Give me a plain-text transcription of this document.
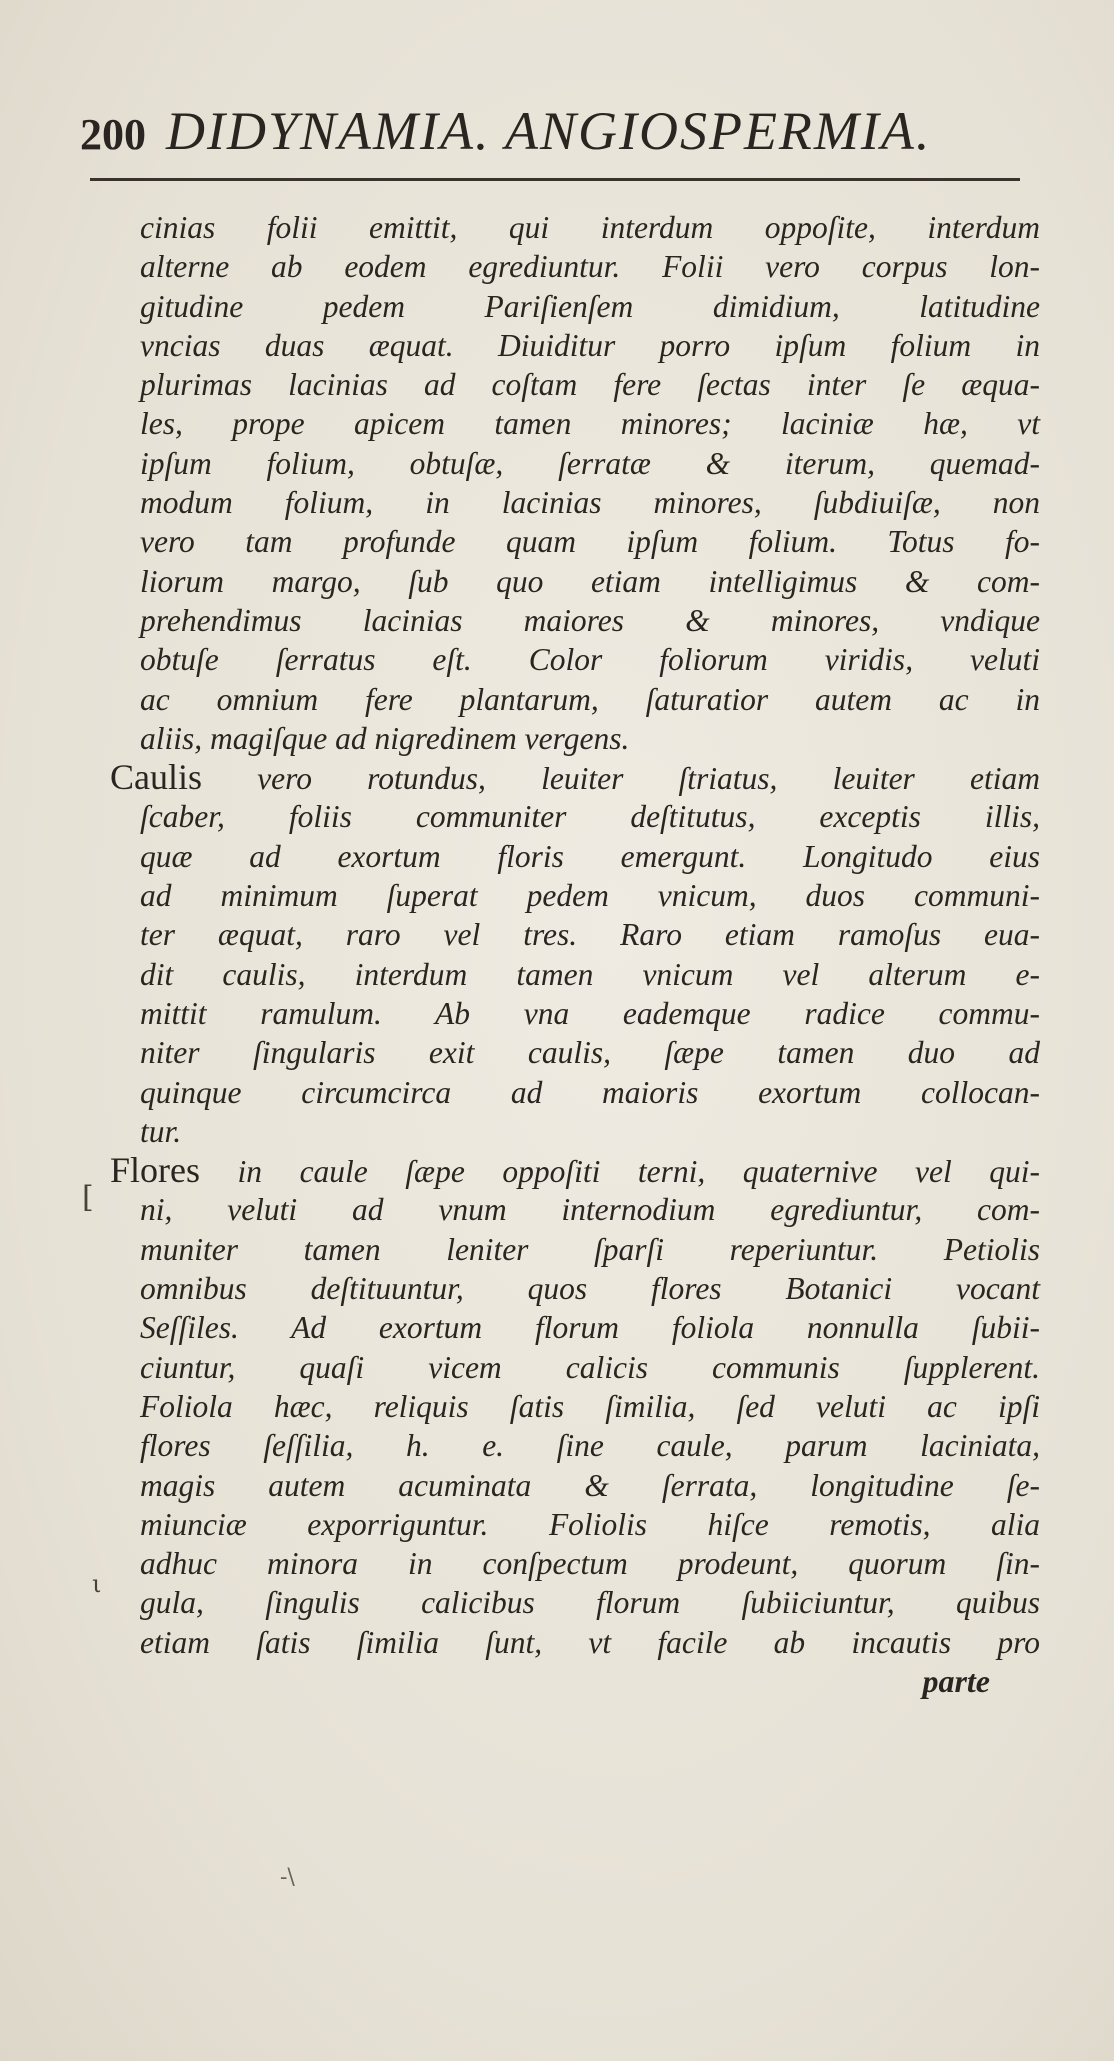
200 DIDYNAMIA. ANGIOSPERMIA.
[
ι
-\
cinias folii emittit, qui interdum oppoſite, interdum
alterne ab eodem egrediuntur. Folii vero corpus lon-
gitudine pedem Pariſienſem dimidium, latitudine
vncias duas æquat. Diuiditur porro ipſum folium in
plurimas lacinias ad coſtam fere ſectas inter ſe æqua-
les, prope apicem tamen minores; laciniæ hæ, vt
ipſum folium, obtuſæ, ſerratæ & iterum, quemad-
modum folium, in lacinias minores, ſubdiuiſæ, non
vero tam profunde quam ipſum folium. Totus fo-
liorum margo, ſub quo etiam intelligimus & com-
prehendimus lacinias maiores & minores, vndique
obtuſe ſerratus eſt. Color foliorum viridis, veluti
ac omnium fere plantarum, ſaturatior autem ac in
aliis, magiſque ad nigredinem vergens.
Caulis vero rotundus, leuiter ſtriatus, leuiter etiam
ſcaber, foliis communiter deſtitutus, exceptis illis,
quæ ad exortum floris emergunt. Longitudo eius
ad minimum ſuperat pedem vnicum, duos communi-
ter æquat, raro vel tres. Raro etiam ramoſus eua-
dit caulis, interdum tamen vnicum vel alterum e-
mittit ramulum. Ab vna eademque radice commu-
niter ſingularis exit caulis, ſæpe tamen duo ad
quinque circumcirca ad maioris exortum collocan-
tur.
Flores in caule ſæpe oppoſiti terni, quaternive vel qui-
ni, veluti ad vnum internodium egrediuntur, com-
muniter tamen leniter ſparſi reperiuntur. Petiolis
omnibus deſtituuntur, quos flores Botanici vocant
Seſſiles. Ad exortum florum foliola nonnulla ſubii-
ciuntur, quaſi vicem calicis communis ſupplerent.
Foliola hæc, reliquis ſatis ſimilia, ſed veluti ac ipſi
flores ſeſſilia, h. e. ſine caule, parum laciniata,
magis autem acuminata & ſerrata, longitudine ſe-
miunciæ exporriguntur. Foliolis hiſce remotis, alia
adhuc minora in conſpectum prodeunt, quorum ſin-
gula, ſingulis calicibus florum ſubiiciuntur, quibus
etiam ſatis ſimilia ſunt, vt facile ab incautis pro
parte
